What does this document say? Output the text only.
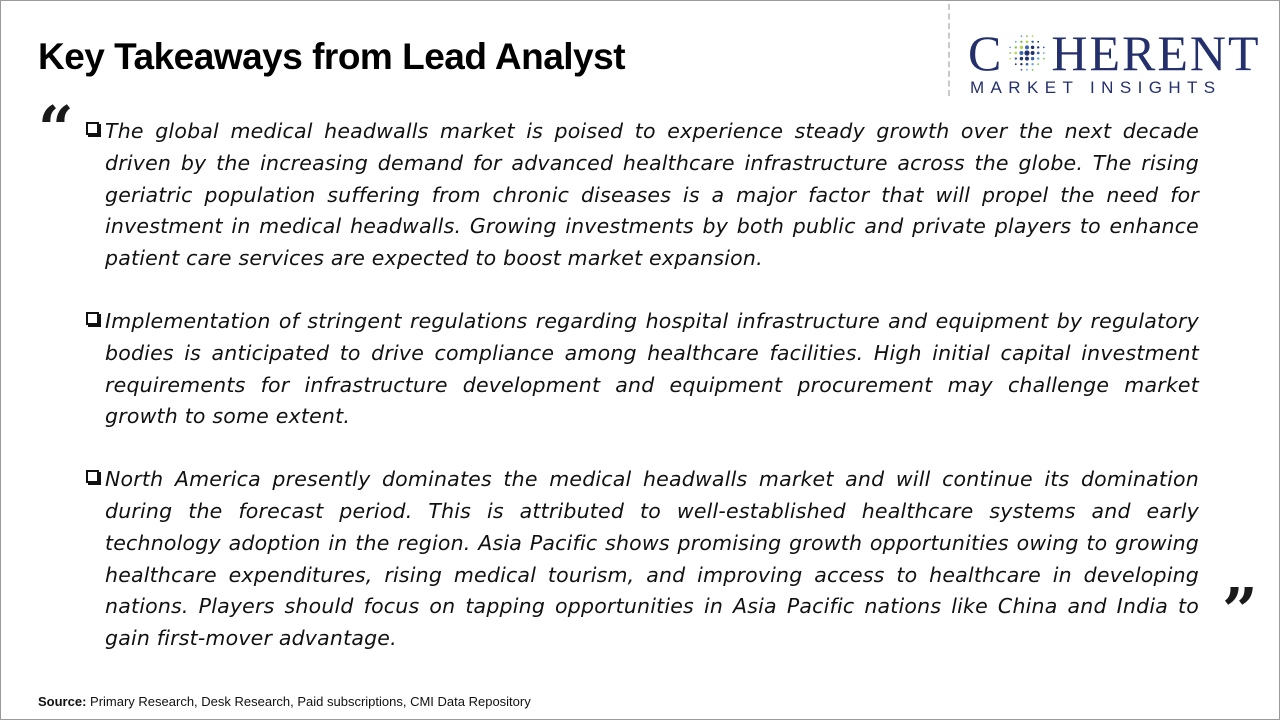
Key Takeaways from Lead Analyst	C HERENT
MARKET INSIGHTS
“ The global medical headwalls market is poised to experience steady growth over the next decade driven by the increasing demand for advanced healthcare infrastructure across the globe. The rising geriatric population suffering from chronic diseases is a major factor that will propel the need for investment in medical headwalls. Growing investments by both public and private players to enhance patient care services are expected to boost market expansion.
Implementation of stringent regulations regarding hospital infrastructure and equipment by regulatory bodies is anticipated to drive compliance among healthcare facilities. High initial capital investment requirements for infrastructure development and equipment procurement may challenge market growth to some extent.
North America presently dominates the medical headwalls market and will continue its domination during the forecast period. This is attributed to well-established healthcare systems and early technology adoption in the region. Asia Pacific shows promising growth opportunities owing to growing healthcare expenditures, rising medical tourism, and improving access to healthcare in developing nations. Players should focus on tapping opportunities in Asia Pacific nations like China and India to gain first-mover advantage.	”
Source: Primary Research, Desk Research, Paid subscriptions, CMI Data Repository
